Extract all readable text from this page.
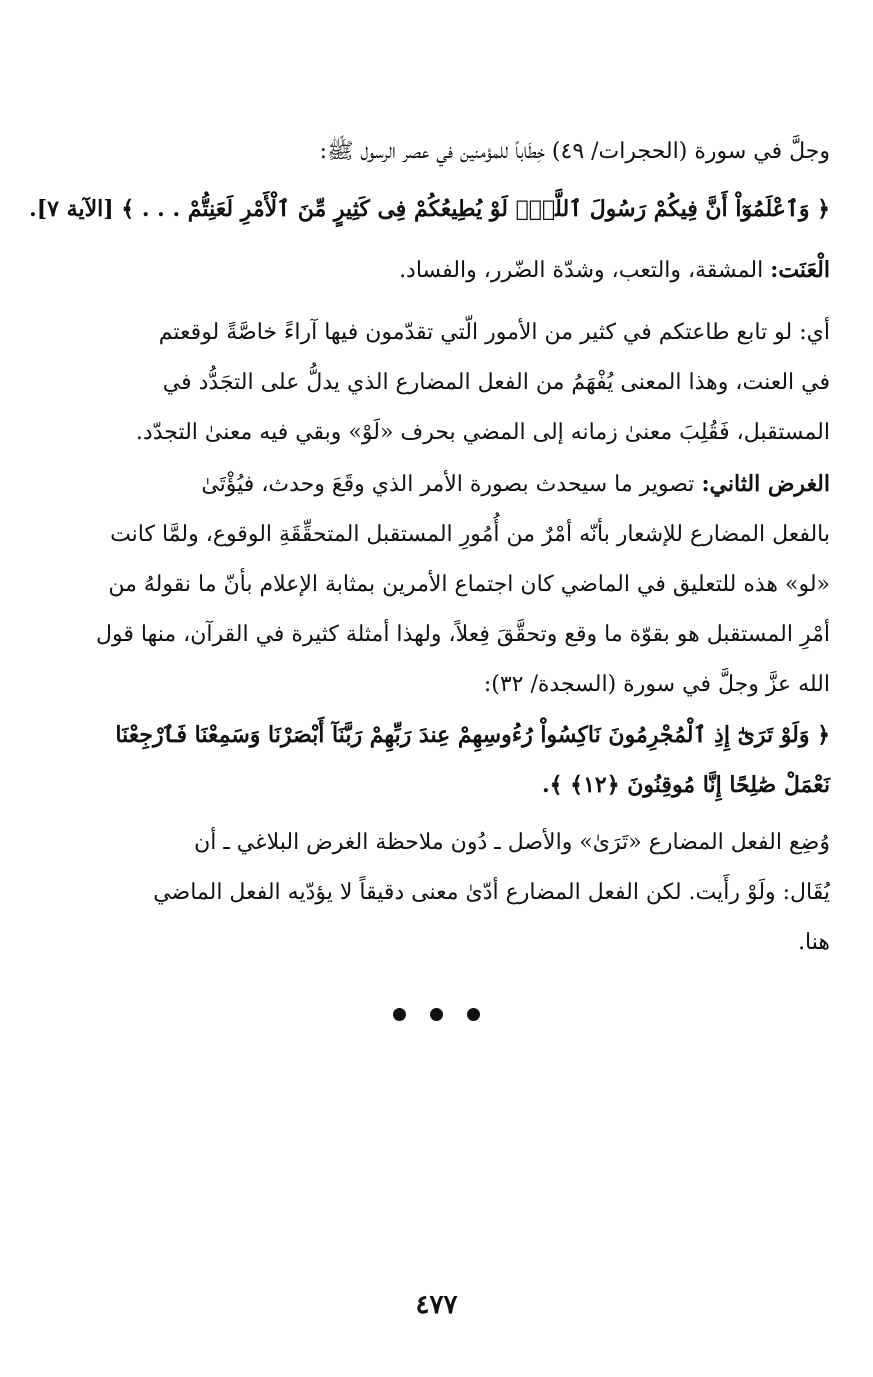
وجلَّ في سورة (الحجرات/ ٤٩) خِطَاباً للمؤمنين في عصر الرسول ﷺ:
﴿ وَٱعْلَمُوٓاْ أَنَّ فِيكُمْ رَسُولَ ٱللَّهِۚ لَوْ يُطِيعُكُمْ فِى كَثِيرٍ مِّنَ ٱلْأَمْرِ لَعَنِتُّمْ . . . ﴾ [الآية ٧].
الْعَنَت: المشقة، والتعب، وشدّة الضّرر، والفساد.
أي: لو تابع طاعتكم في كثير من الأمور الّتي تقدّمون فيها آراءً خاصَّةً لوقعتم
في العنت، وهذا المعنى يُفْهَمُ من الفعل المضارع الذي يدلُّ على التجَدُّد في
المستقبل، فَقُلِبَ معنىٰ زمانه إلى المضي بحرف «لَوْ» وبقي فيه معنىٰ التجدّد.
الغرض الثاني: تصوير ما سيحدث بصورة الأمر الذي وقَعَ وحدث، فيُؤْتَىٰ
بالفعل المضارع للإشعار بأنّه أمْرٌ من أُمُورِ المستقبل المتحقِّقَةِ الوقوع، ولمَّا كانت
«لو» هذه للتعليق في الماضي كان اجتماع الأمرين بمثابة الإعلام بأنّ ما نقولهُ من
أمْرِ المستقبل هو بقوّة ما وقع وتحقَّقَ فِعلاً، ولهذا أمثلة كثيرة في القرآن، منها قول
الله عزَّ وجلَّ في سورة (السجدة/ ٣٢):
﴿ وَلَوْ تَرَىٰٓ إِذِ ٱلْمُجْرِمُونَ نَاكِسُواْ رُءُوسِهِمْ عِندَ رَبِّهِمْ رَبَّنَآ أَبْصَرْنَا وَسَمِعْنَا فَٱرْجِعْنَا
نَعْمَلْ صَٰلِحًا إِنَّا مُوقِنُونَ ﴿١٢﴾ ﴾.
وُضِع الفعل المضارع «تَرَىٰ» والأصل ـ دُون ملاحظة الغرض البلاغي ـ أن
يُقَال: ولَوْ رأَيت. لكن الفعل المضارع أدّىٰ معنى دقيقاً لا يؤدّيه الفعل الماضي
هنا.

٤٧٧
